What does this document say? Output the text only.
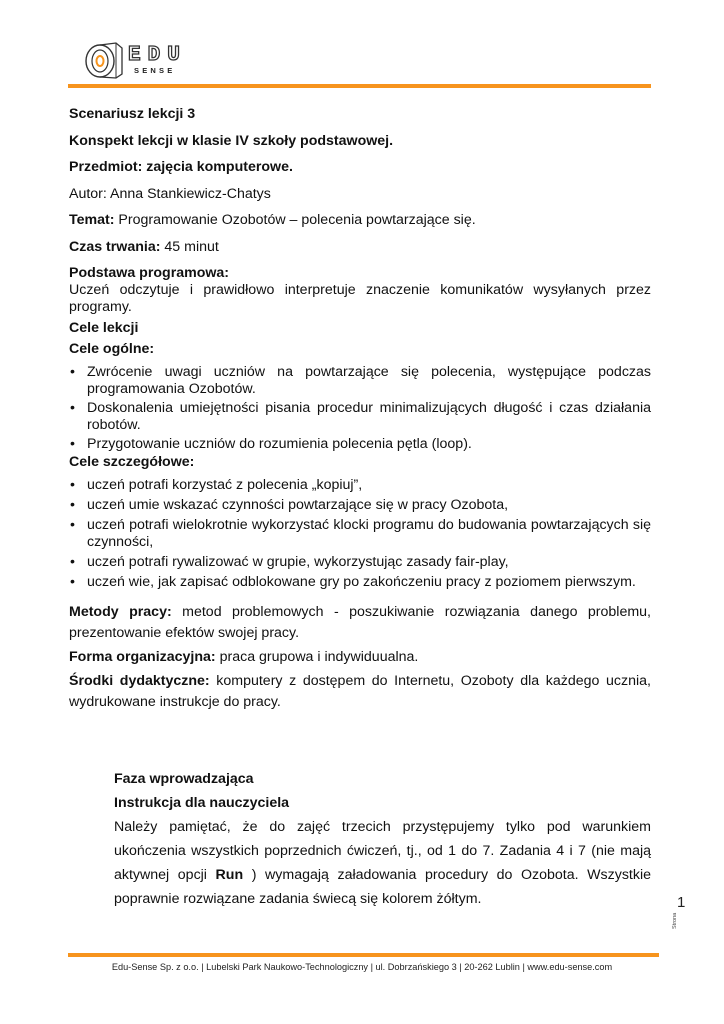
EDU
SENSE

Scenariusz lekcji 3

Konspekt lekcji w klasie IV szkoły podstawowej.

Przedmiot: zajęcia komputerowe.

Autor: Anna Stankiewicz-Chatys

Temat: Programowanie Ozobotów – polecenia powtarzające się.

Czas trwania: 45 minut

Podstawa programowa:

Uczeń odczytuje i prawidłowo interpretuje znaczenie komunikatów wysyłanych przez programy.

Cele lekcji

Cele ogólne:

• Zwrócenie uwagi uczniów na powtarzające się polecenia, występujące podczas programowania Ozobotów.
• Doskonalenia umiejętności pisania procedur minimalizujących długość i czas działania robotów.
• Przygotowanie uczniów do rozumienia polecenia pętla (loop).

Cele szczegółowe:

• uczeń potrafi korzystać z polecenia „kopiuj”,
• uczeń umie wskazać czynności powtarzające się w pracy Ozobota,
• uczeń potrafi wielokrotnie wykorzystać klocki programu do budowania powtarzających się czynności,
• uczeń potrafi rywalizować w grupie, wykorzystując zasady fair-play,
• uczeń wie, jak zapisać odblokowane gry po zakończeniu pracy z poziomem pierwszym.

Metody pracy: metod problemowych - poszukiwanie rozwiązania danego problemu, prezentowanie efektów swojej pracy.

Forma organizacyjna: praca grupowa i indywiduualna.

Środki dydaktyczne: komputery z dostępem do Internetu, Ozoboty dla każdego ucznia, wydrukowane instrukcje do pracy.

Faza wprowadzająca

Instrukcja dla nauczyciela

Należy pamiętać, że do zajęć trzecich przystępujemy tylko pod warunkiem ukończenia wszystkich poprzednich ćwiczeń, tj., od 1 do 7. Zadania 4 i 7 (nie mają aktywnej opcji Run ) wymagają załadowania procedury do Ozobota. Wszystkie poprawnie rozwiązane zadania świecą się kolorem żółtym.

Strona
1
Edu-Sense Sp. z o.o. | Lubelski Park Naukowo-Technologiczny | ul. Dobrzańskiego 3 | 20-262 Lublin | www.edu-sense.com
